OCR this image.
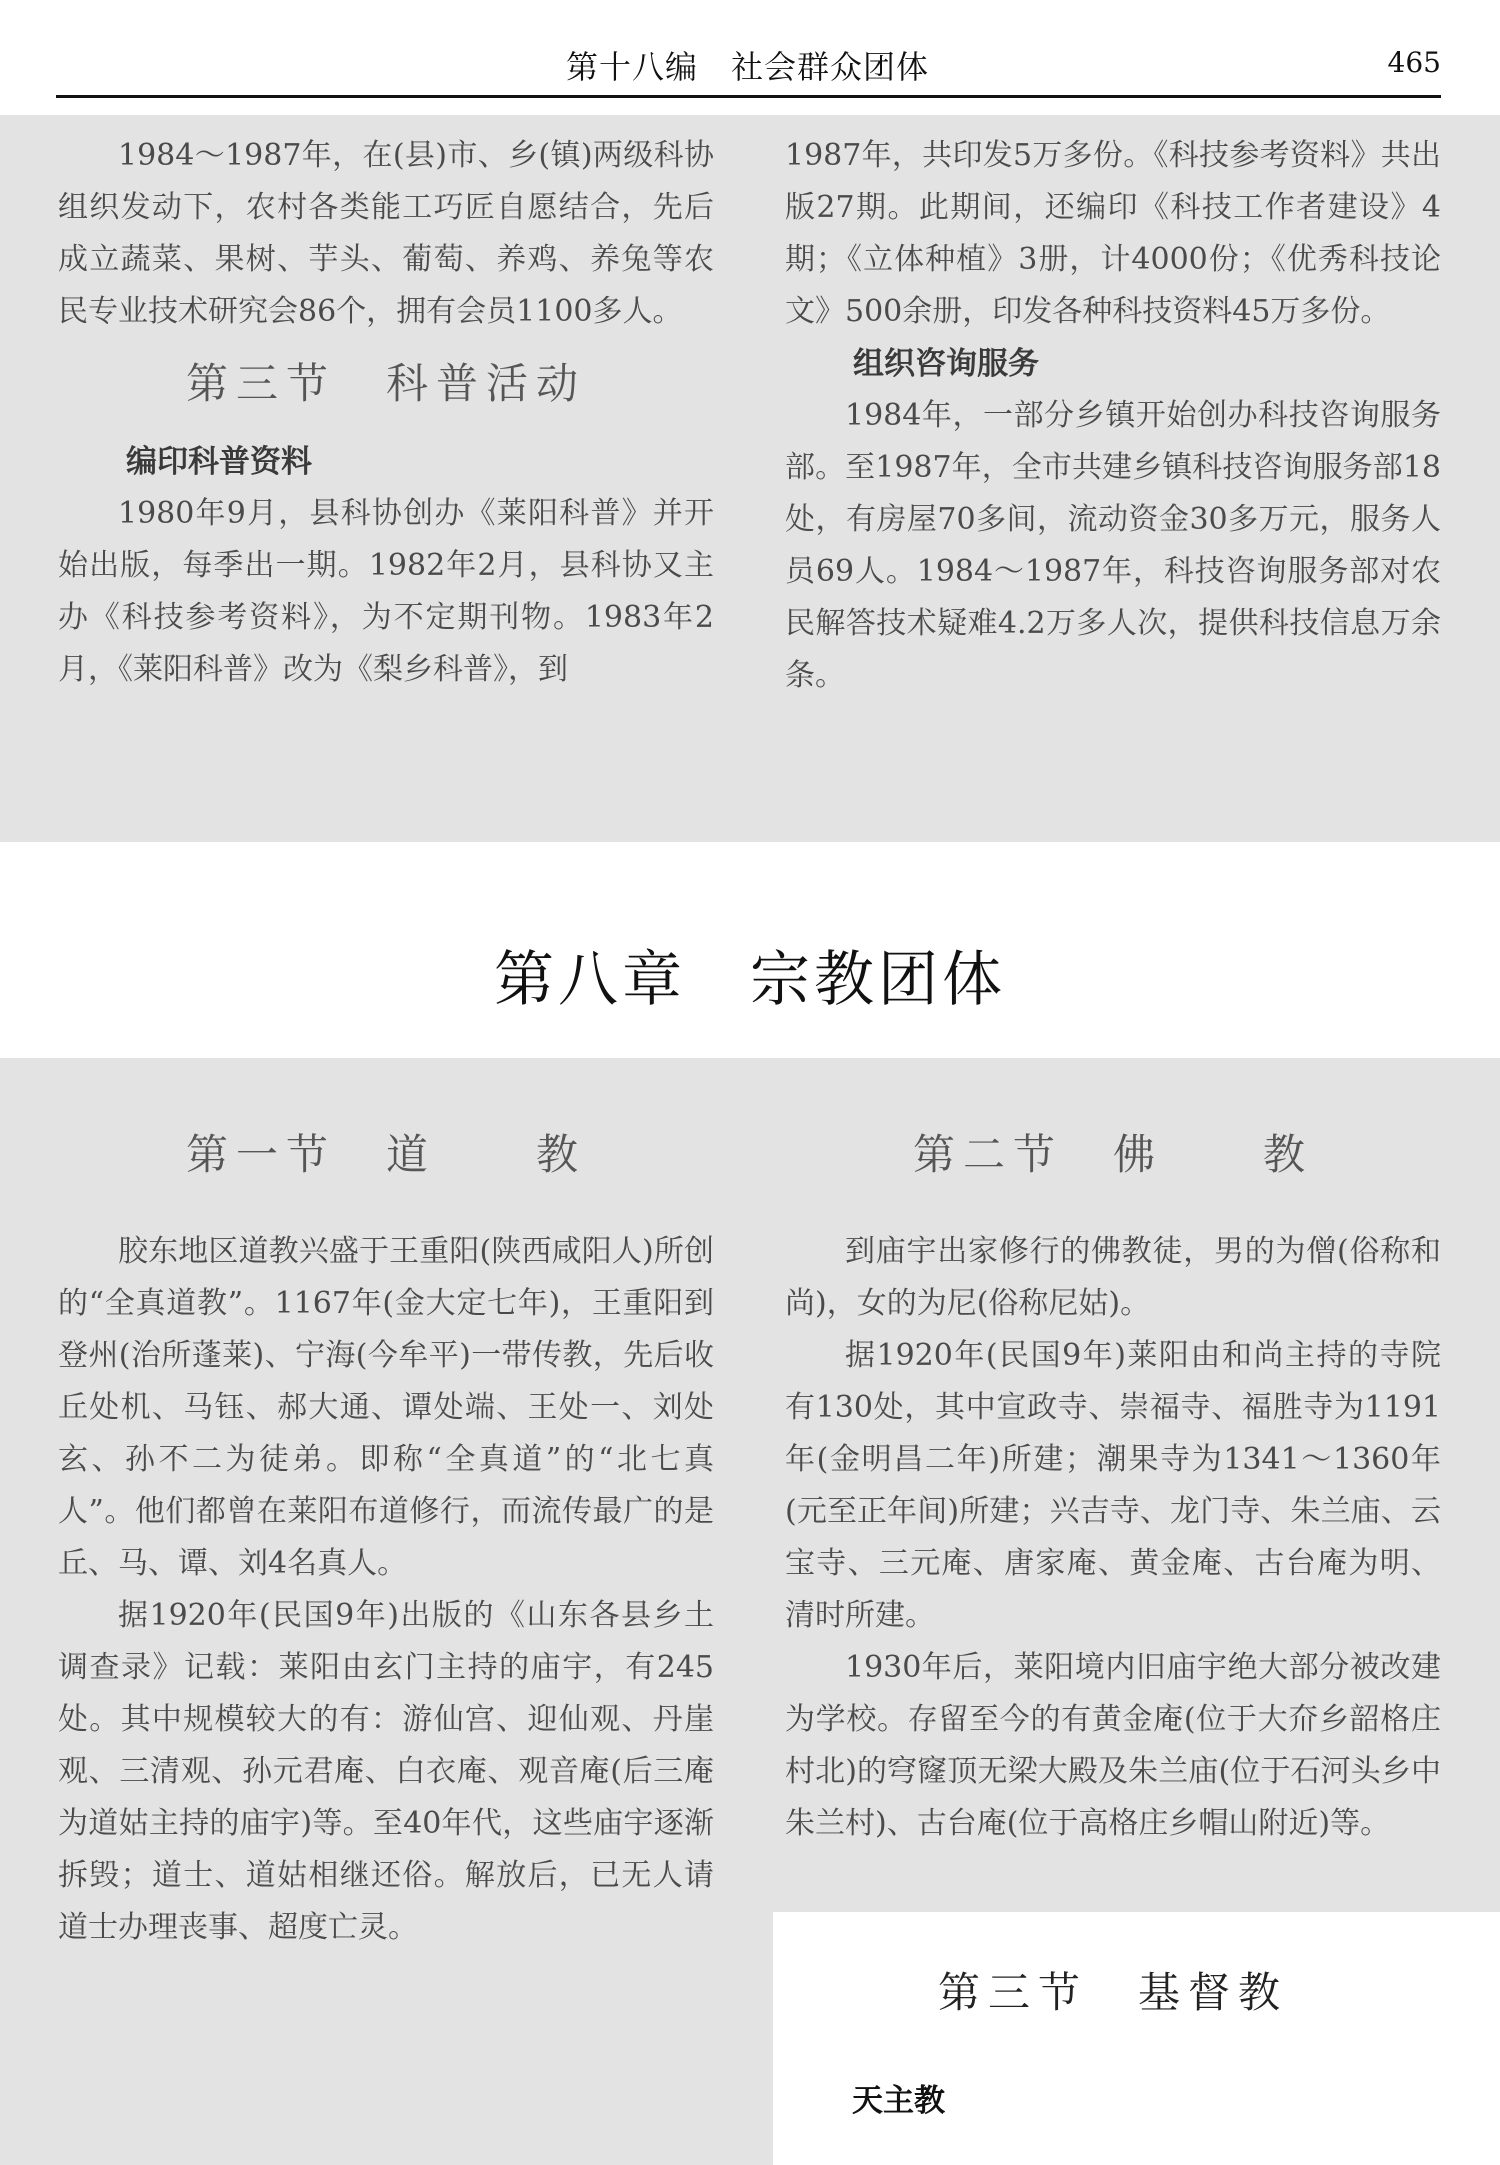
第十八编　社会群众团体	465

1984～1987年，在(县)市、乡(镇)两级科协组织发动下，农村各类能工巧匠自愿结合，先后成立蔬菜、果树、芋头、葡萄、养鸡、养兔等农民专业技术研究会86个，拥有会员1100多人。

第三节　科普活动
编印科普资料

1980年9月，县科协创办《莱阳科普》并开始出版，每季出一期。1982年2月，县科协又主办《科技参考资料》，为不定期刊物。1983年2月，《莱阳科普》改为《梨乡科普》，到

1987年，共印发5万多份。《科技参考资料》共出版27期。此期间，还编印《科技工作者建设》4期；《立体种植》3册，计4000份；《优秀科技论文》500余册，印发各种科技资料45万多份。

组织咨询服务

1984年，一部分乡镇开始创办科技咨询服务部。至1987年，全市共建乡镇科技咨询服务部18处，有房屋70多间，流动资金30多万元，服务人员69人。1984～1987年，科技咨询服务部对农民解答技术疑难4.2万多人次，提供科技信息万余条。

第八章　宗教团体
第一节　道　　教	第二节　佛　　教

胶东地区道教兴盛于王重阳(陕西咸阳人)所创的“全真道教”。1167年(金大定七年)，王重阳到登州(治所蓬莱)、宁海(今牟平)一带传教，先后收丘处机、马钰、郝大通、谭处端、王处一、刘处玄、孙不二为徒弟。即称“全真道”的“北七真人”。他们都曾在莱阳布道修行，而流传最广的是丘、马、谭、刘4名真人。

据1920年(民国9年)出版的《山东各县乡土调查录》记载：莱阳由玄门主持的庙宇，有245处。其中规模较大的有：游仙宫、迎仙观、丹崖观、三清观、孙元君庵、白衣庵、观音庵(后三庵为道姑主持的庙宇)等。至40年代，这些庙宇逐渐拆毁；道士、道姑相继还俗。解放后，已无人请道士办理丧事、超度亡灵。

到庙宇出家修行的佛教徒，男的为僧(俗称和尚)，女的为尼(俗称尼姑)。

据1920年(民国9年)莱阳由和尚主持的寺院有130处，其中宣政寺、崇福寺、福胜寺为1191年(金明昌二年)所建；潮果寺为1341～1360年(元至正年间)所建；兴吉寺、龙门寺、朱兰庙、云宝寺、三元庵、唐家庵、黄金庵、古台庵为明、清时所建。

1930年后，莱阳境内旧庙宇绝大部分被改建为学校。存留至今的有黄金庵(位于大夼乡韶格庄村北)的穹窿顶无梁大殿及朱兰庙(位于石河头乡中朱兰村)、古台庵(位于高格庄乡帽山附近)等。

第三节　基督教
天主教
